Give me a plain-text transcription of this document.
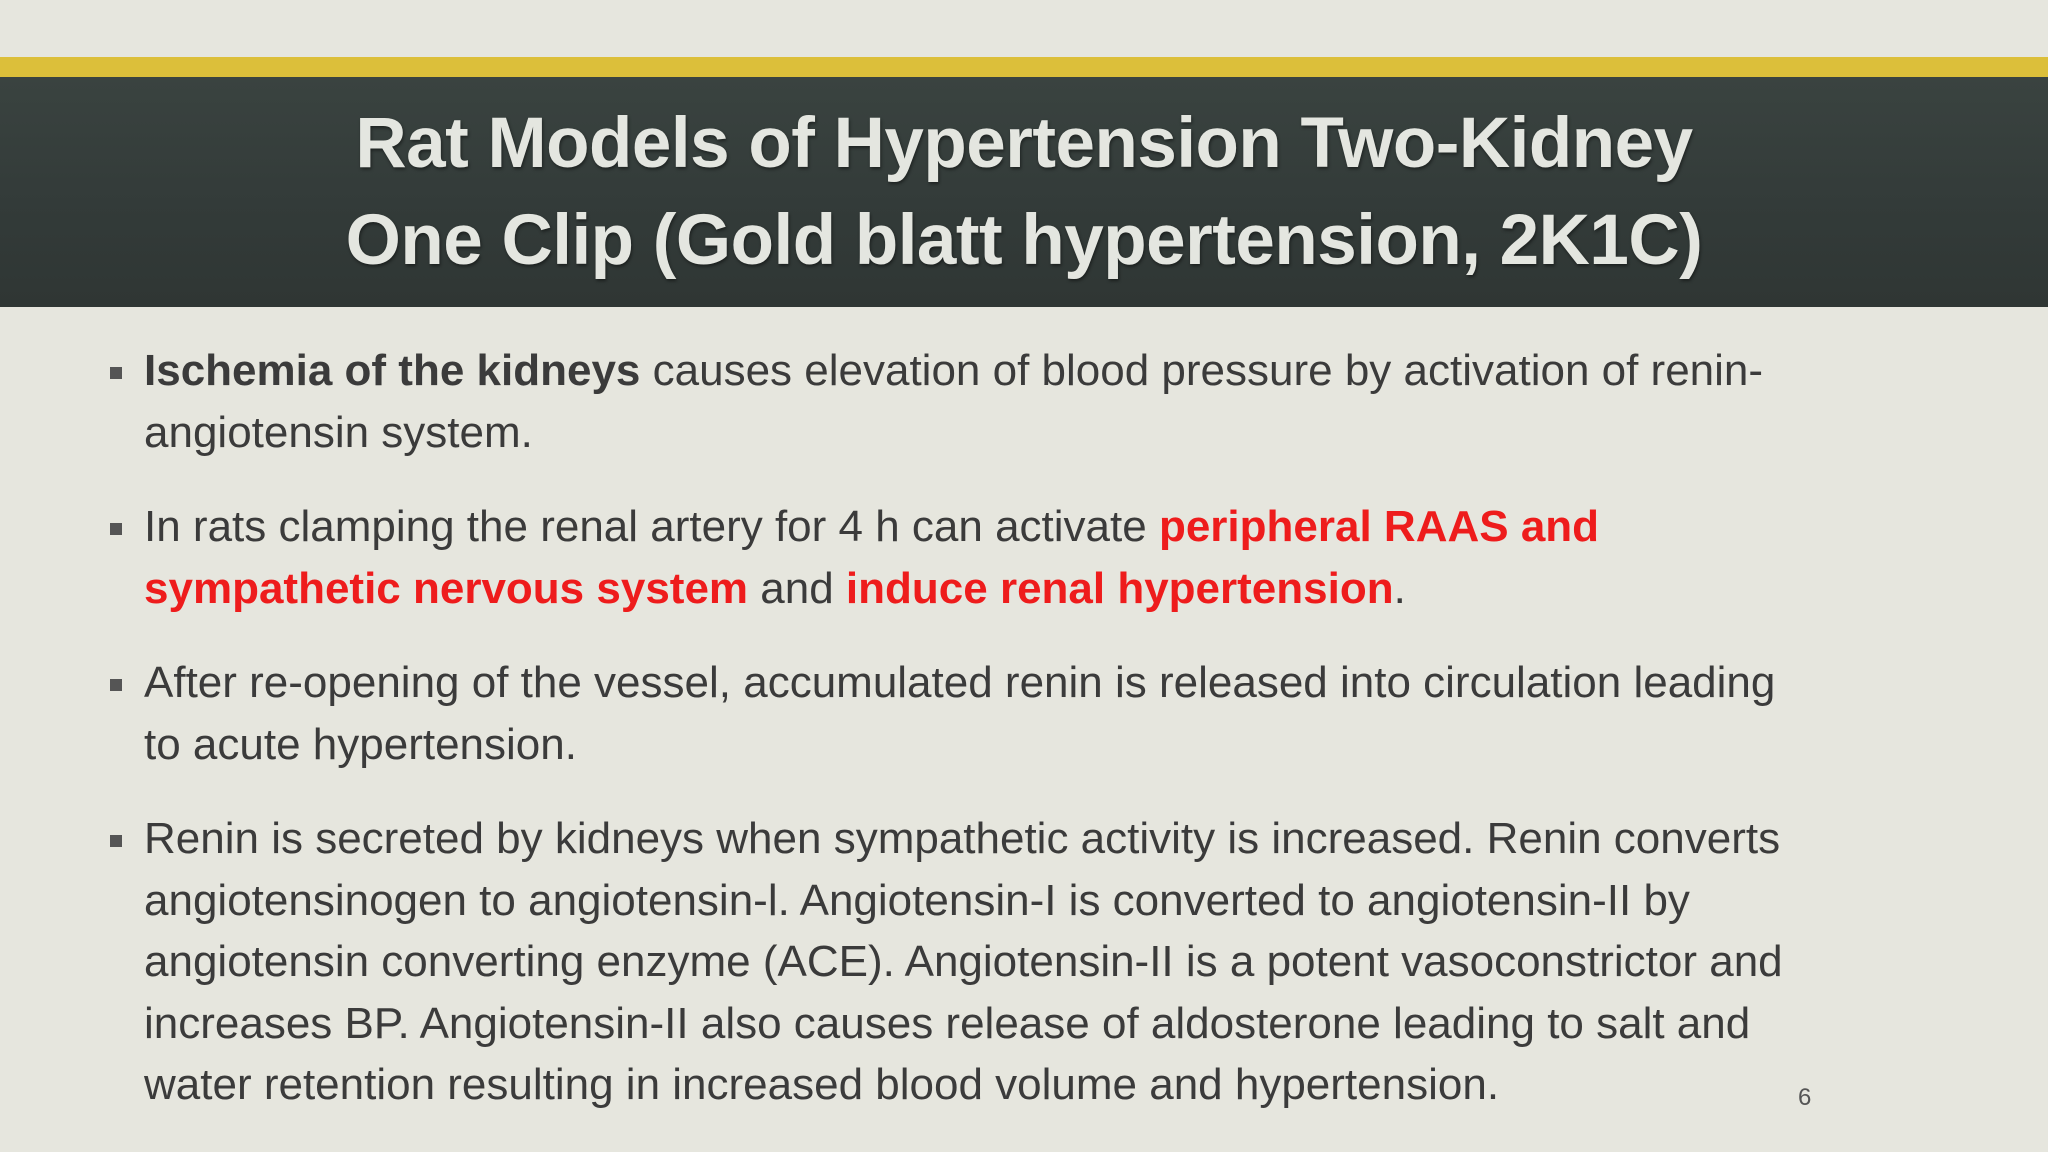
Rat Models of Hypertension Two-Kidney
One Clip (Gold blatt hypertension, 2K1C)
Ischemia of the kidneys causes elevation of blood pressure by activation of renin-
angiotensin system.
In rats clamping the renal artery for 4 h can activate peripheral RAAS and
sympathetic nervous system and induce renal hypertension.
After re-opening of the vessel, accumulated renin is released into circulation leading
to acute hypertension.
Renin is secreted by kidneys when sympathetic activity is increased. Renin converts
angiotensinogen to angiotensin-l. Angiotensin-I is converted to angiotensin-II by
angiotensin converting enzyme (ACE). Angiotensin-II is a potent vasoconstrictor and
increases BP. Angiotensin-II also causes release of aldosterone leading to salt and
water retention resulting in increased blood volume and hypertension.	6
